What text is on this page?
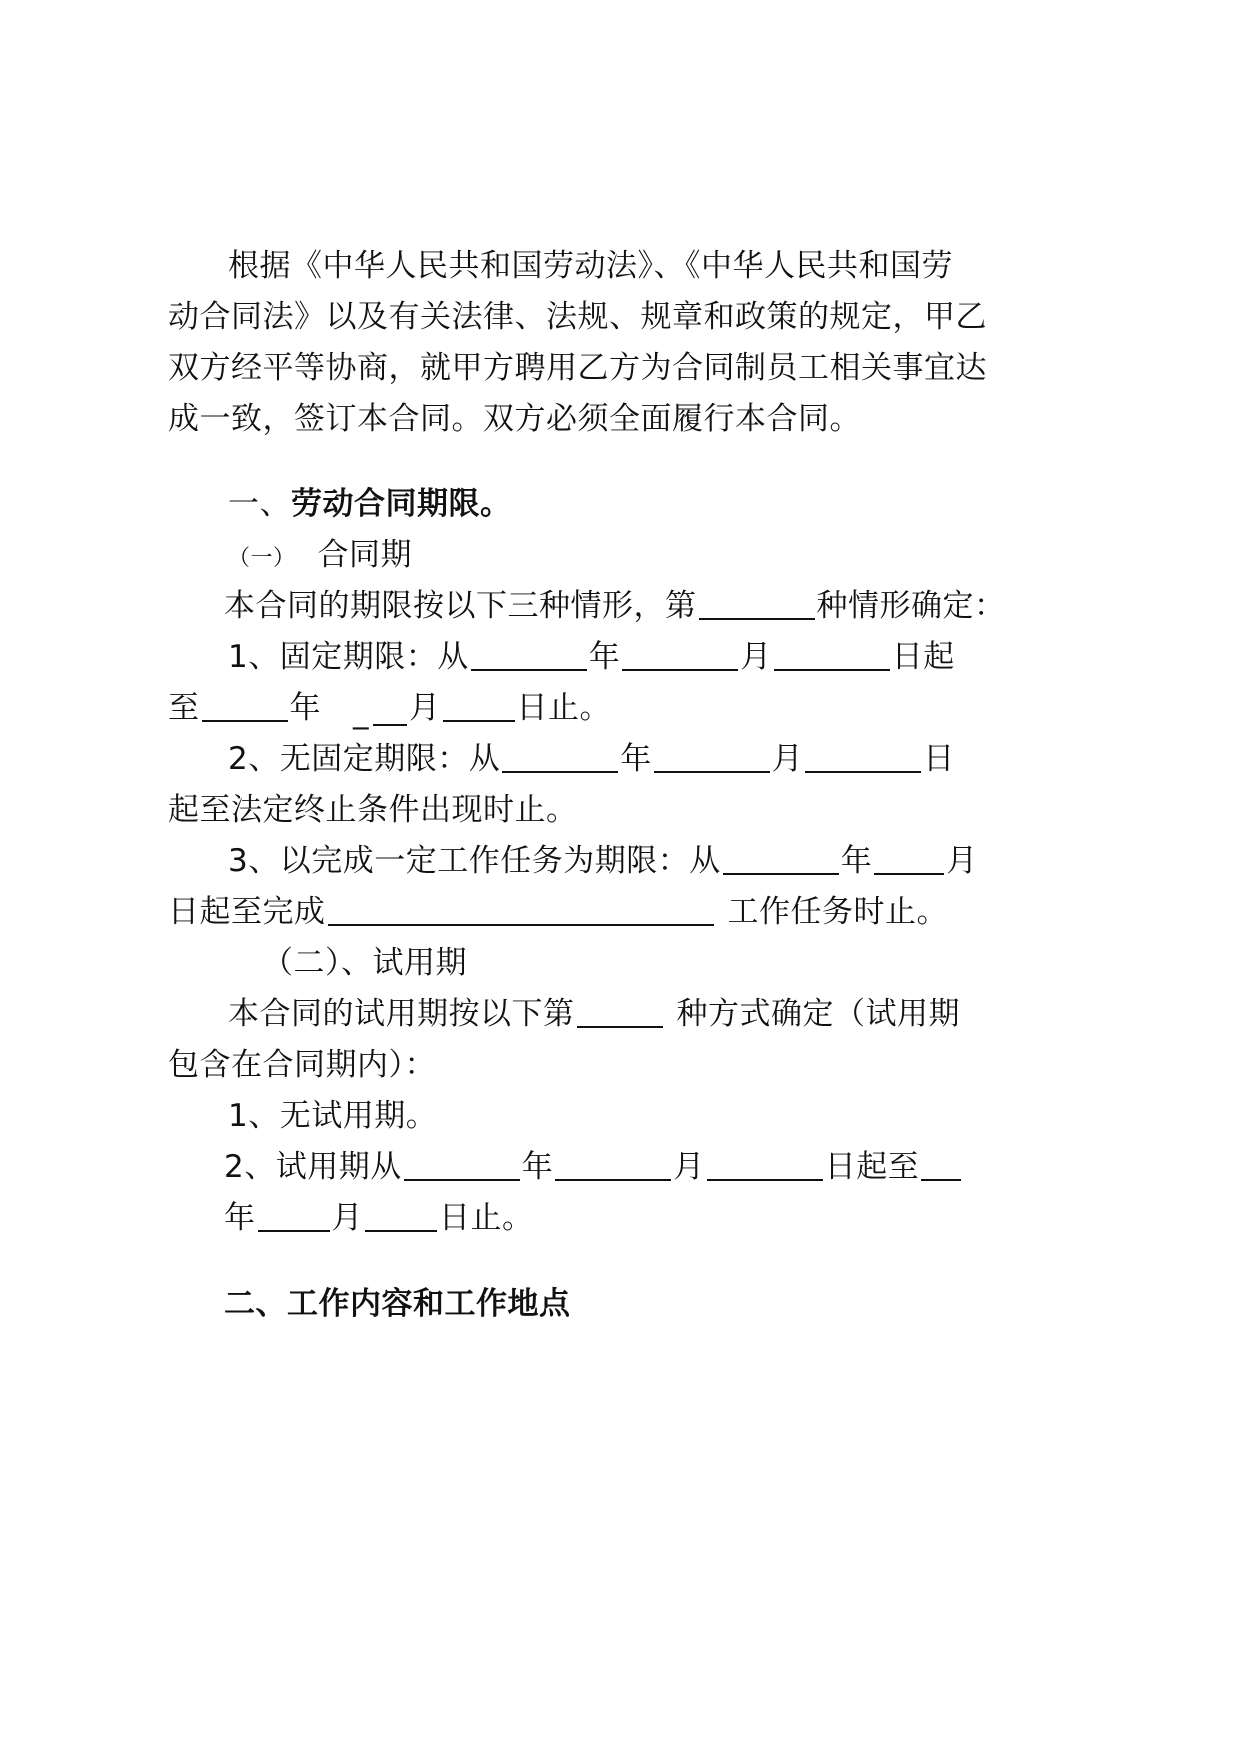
根据《中华人民共和国劳动法》、《中华人民共和国劳
动合同法》以及有关法律、法规、规章和政策的规定，甲乙
双方经平等协商，就甲方聘用乙方为合同制员工相关事宜达
成一致，签订本合同。双方必须全面履行本合同。
一、劳动合同期限。
（一） 合同期
本合同的期限按以下三种情形，第	种情形确定：
1、固定期限：从	年	月	日起
至	年 _ 月 日止。
2、无固定期限：从	年	月	日
起至法定终止条件出现时止。
3、以完成一定工作任务为期限：从	年 月
日起至完成	工作任务时止。
（二）、试用期
本合同的试用期按以下第	种方式确定（试用期
包含在合同期内）：
1、无试用期。
2、试用期从	年	月	日起至
年 月 日止。
二、工作内容和工作地点
